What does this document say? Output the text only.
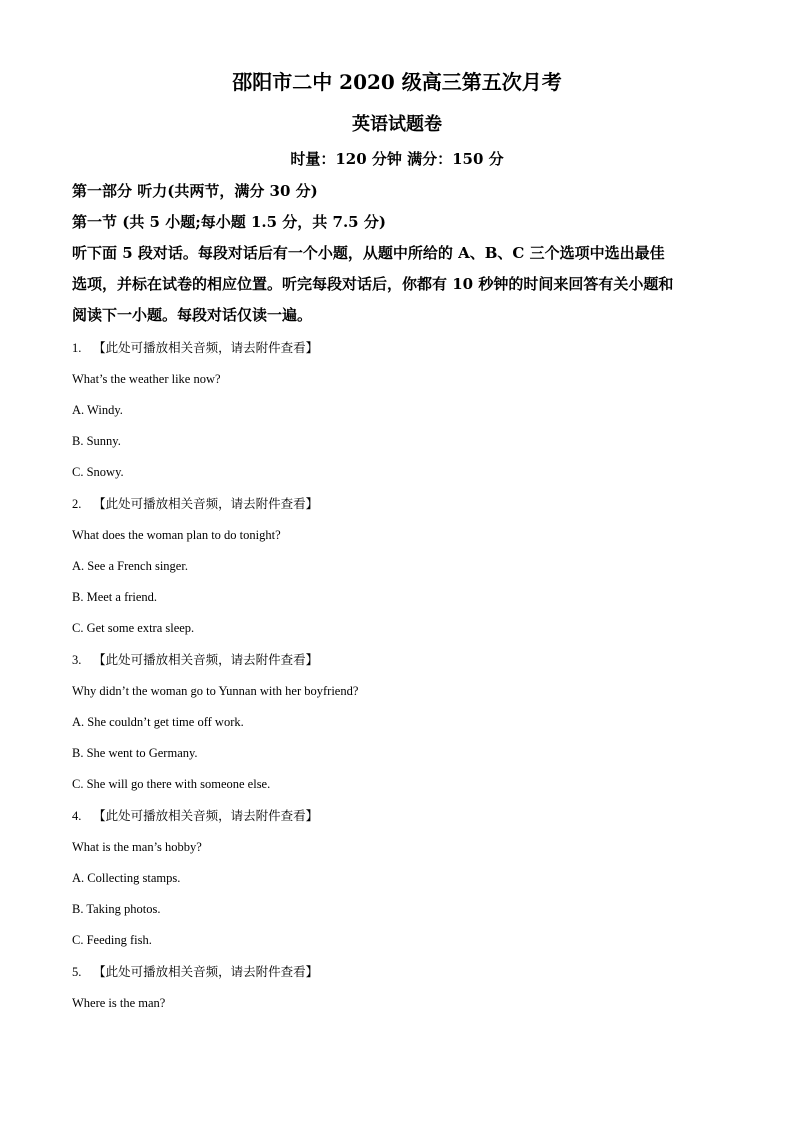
邵阳市二中 2020 级高三第五次月考
英语试题卷
时量：120 分钟 满分：150 分
第一部分 听力(共两节，满分 30 分)
第一节 (共 5 小题;每小题 1.5 分，共 7.5 分)
听下面 5 段对话。每段对话后有一个小题，从题中所给的 A、B、C 三个选项中选出最佳
选项，并标在试卷的相应位置。听完每段对话后，你都有 10 秒钟的时间来回答有关小题和
阅读下一小题。每段对话仅读一遍。
1. 【此处可播放相关音频，请去附件查看】
What’s the weather like now?
A. Windy.
B. Sunny.
C. Snowy.
2. 【此处可播放相关音频，请去附件查看】
What does the woman plan to do tonight?
A. See a French singer.
B. Meet a friend.
C. Get some extra sleep.
3. 【此处可播放相关音频，请去附件查看】
Why didn’t the woman go to Yunnan with her boyfriend?
A. She couldn’t get time off work.
B. She went to Germany.
C. She will go there with someone else.
4. 【此处可播放相关音频，请去附件查看】
What is the man’s hobby?
A. Collecting stamps.
B. Taking photos.
C. Feeding fish.
5. 【此处可播放相关音频，请去附件查看】
Where is the man?
